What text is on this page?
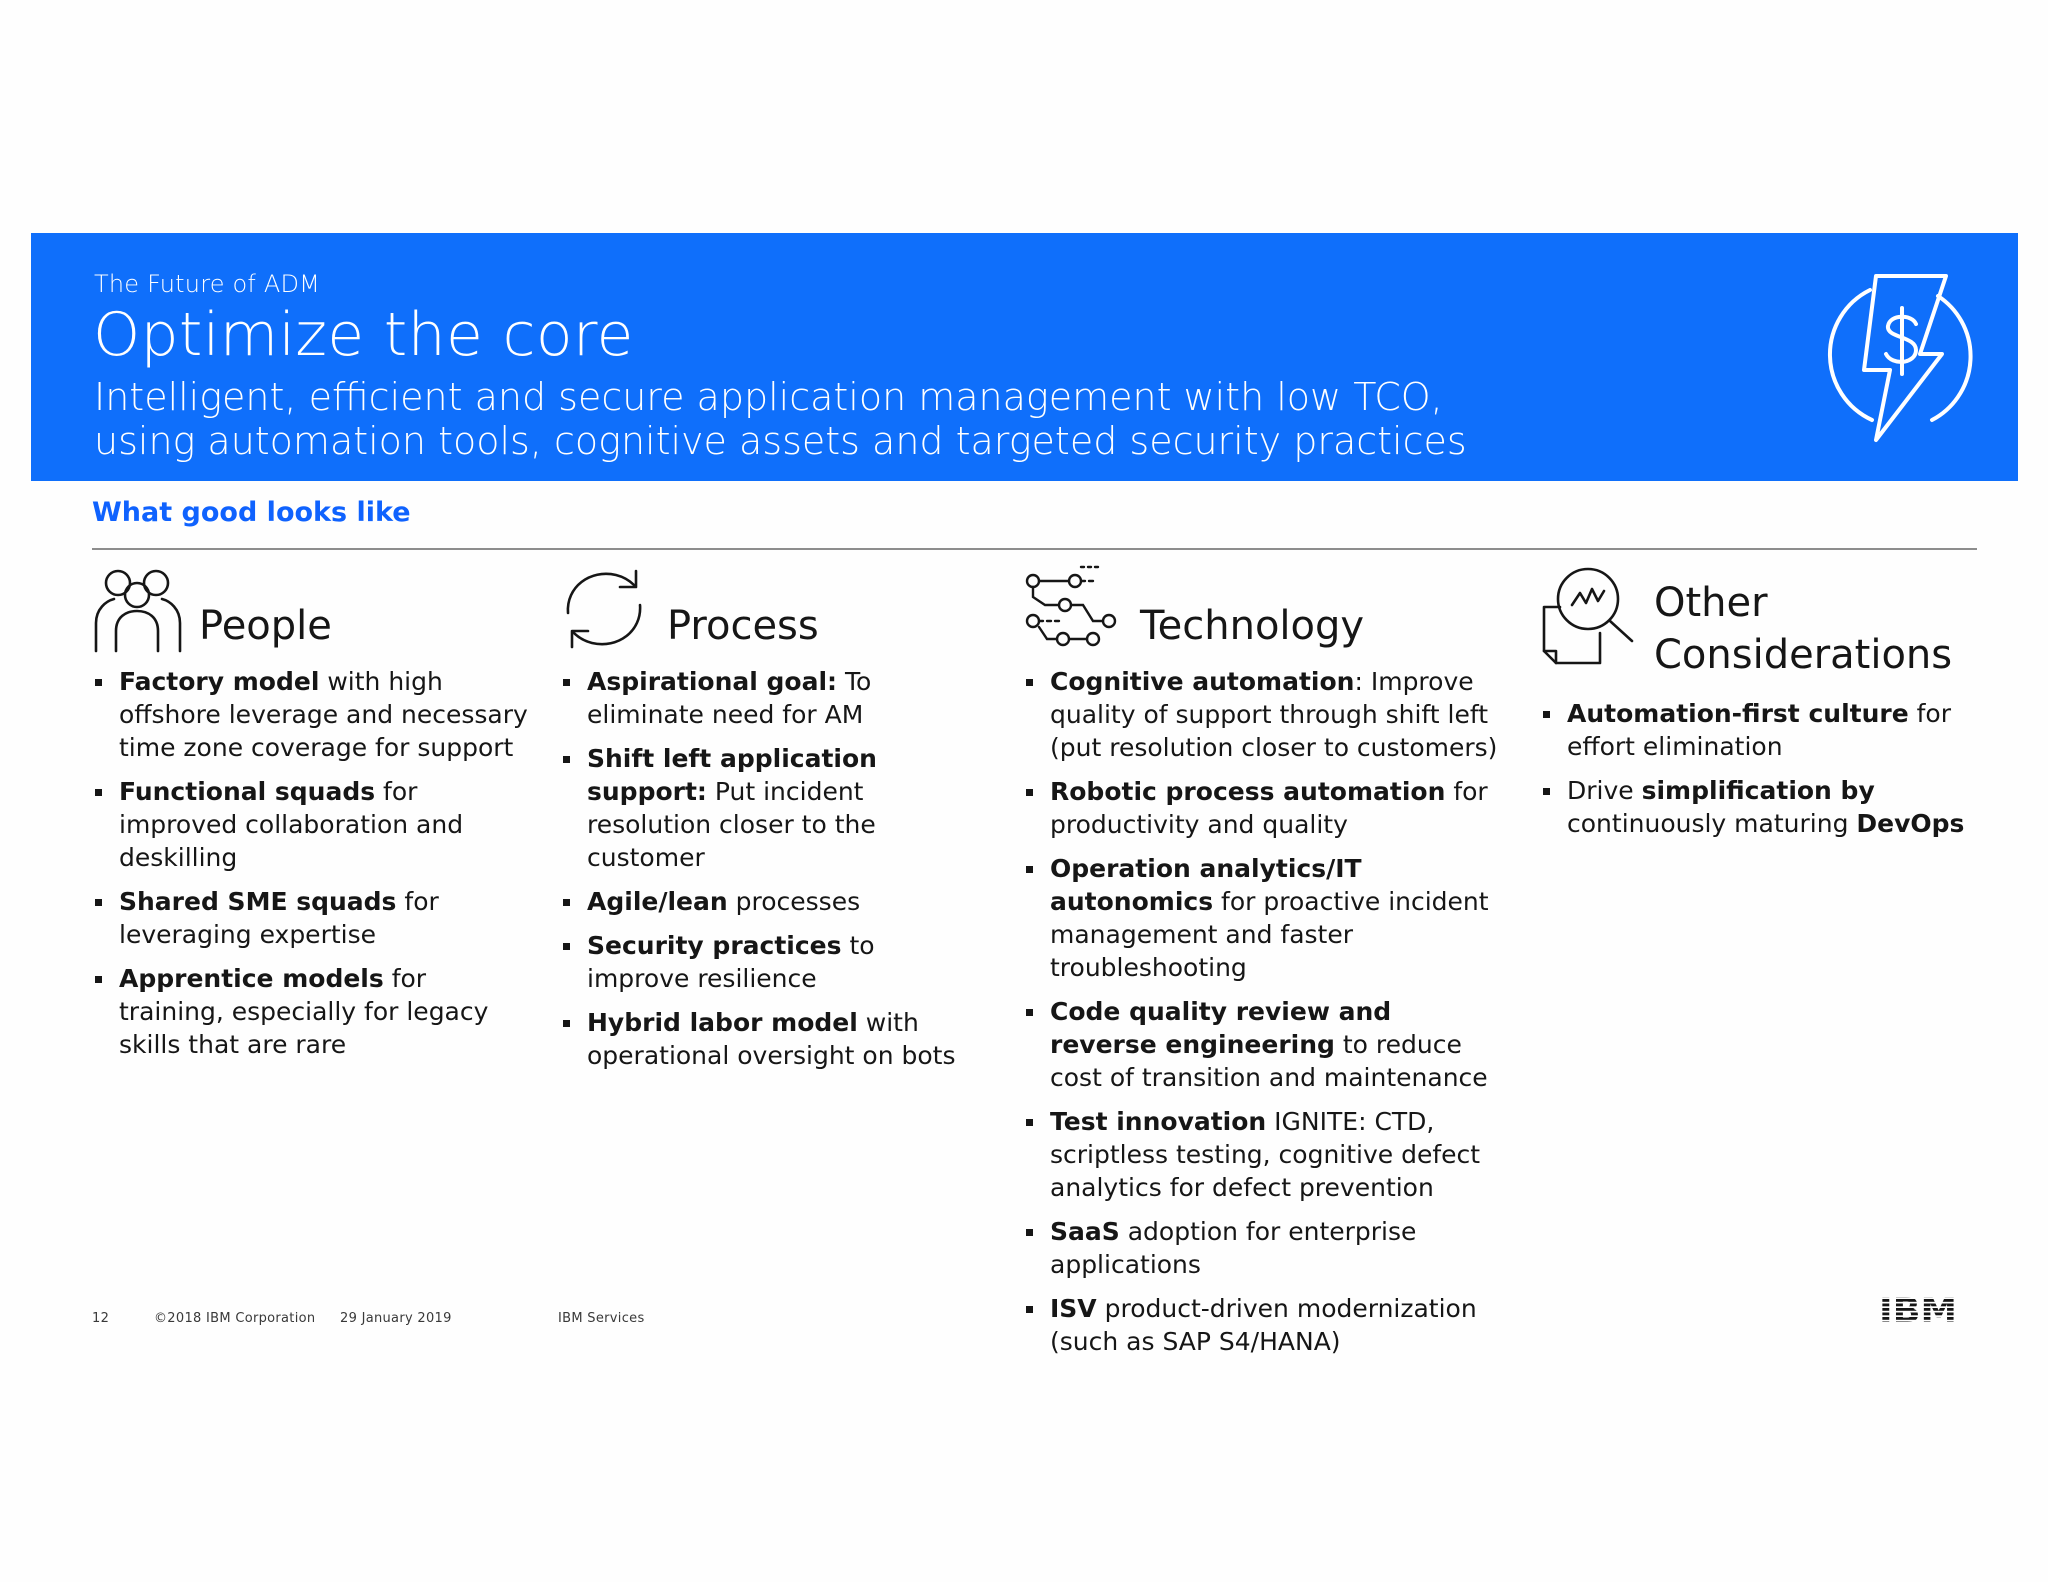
The Future of ADM
Optimize the core
Intelligent, efficient and secure application management with low TCO,
using automation tools, cognitive assets and targeted security practices
What good looks like
People
Factory model with high offshore leverage and necessary time zone coverage for support
Functional squads for improved collaboration and deskilling
Shared SME squads for leveraging expertise
Apprentice models for training, especially for legacy skills that are rare
Process
Aspirational goal: To eliminate need for AM
Shift left application support: Put incident resolution closer to the customer
Agile/lean processes
Security practices to improve resilience
Hybrid labor model with operational oversight on bots
Technology
Cognitive automation: Improve quality of support through shift left (put resolution closer to customers)
Robotic process automation for productivity and quality
Operation analytics/IT autonomics for proactive incident management and faster troubleshooting
Code quality review and reverse engineering to reduce cost of transition and maintenance
Test innovation IGNITE: CTD, scriptless testing, cognitive defect analytics for defect prevention
SaaS adoption for enterprise applications
ISV product-driven modernization (such as SAP S4/HANA)
Other
Considerations
Automation-first culture for effort elimination
Drive simplification by continuously maturing DevOps
12	©2018 IBM Corporation 29 January 2019	IBM Services	IBM
